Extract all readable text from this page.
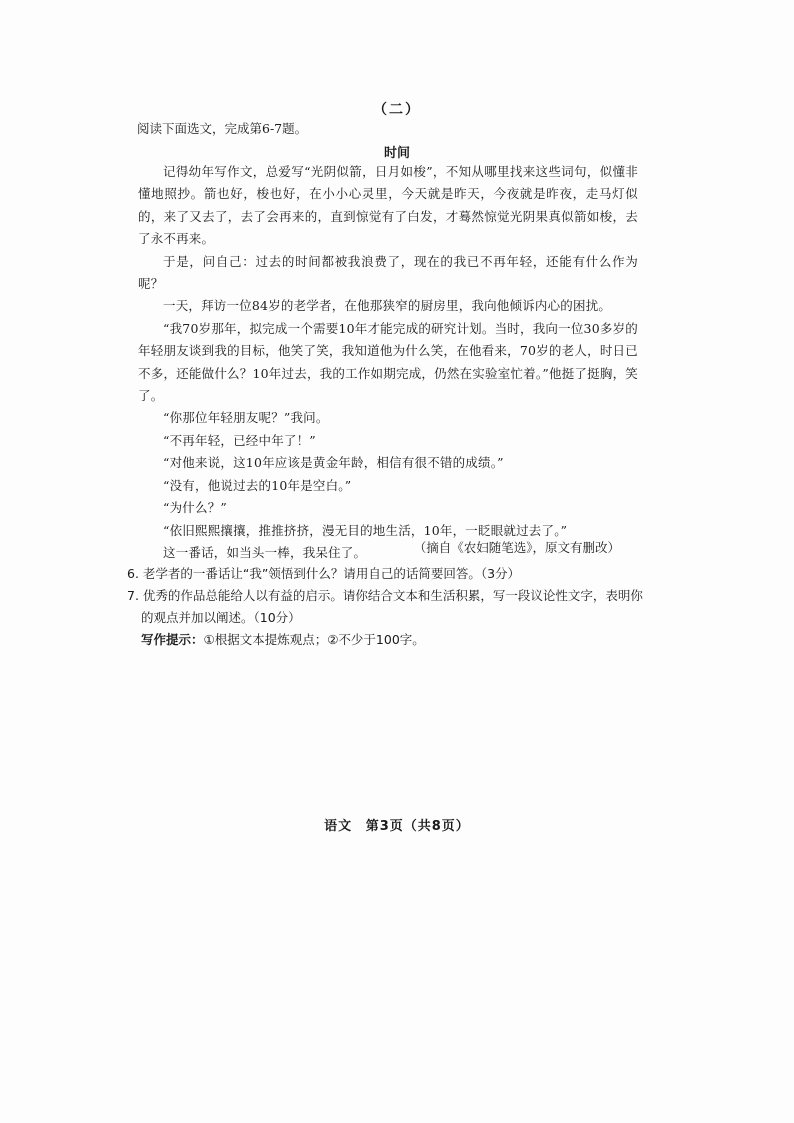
（二）
阅读下面选文，完成第6-7题。
时间

记得幼年写作文，总爱写“光阴似箭，日月如梭”，不知从哪里找来这些词句，似懂非懂地照抄。箭也好，梭也好，在小小心灵里，今天就是昨天，今夜就是昨夜，走马灯似的，来了又去了，去了会再来的，直到惊觉有了白发，才蓦然惊觉光阴果真似箭如梭，去了永不再来。

于是，问自己：过去的时间都被我浪费了，现在的我已不再年轻，还能有什么作为呢？

一天，拜访一位84岁的老学者，在他那狭窄的厨房里，我向他倾诉内心的困扰。

“我70岁那年，拟完成一个需要10年才能完成的研究计划。当时，我向一位30多岁的年轻朋友谈到我的目标，他笑了笑，我知道他为什么笑，在他看来，70岁的老人，时日已不多，还能做什么？10年过去，我的工作如期完成，仍然在实验室忙着。”他挺了挺胸，笑了。

“你那位年轻朋友呢？”我问。

“不再年轻，已经中年了！”

“对他来说，这10年应该是黄金年龄，相信有很不错的成绩。”

“没有，他说过去的10年是空白。”

“为什么？”

“依旧熙熙攘攘，推推挤挤，漫无目的地生活，10年，一眨眼就过去了。”

这一番话，如当头一棒，我呆住了。	（摘自《农妇随笔选》，原文有删改）

6. 老学者的一番话让“我”领悟到什么？请用自己的话简要回答。（3分）

7. 优秀的作品总能给人以有益的启示。请你结合文本和生活积累，写一段议论性文字，表明你的观点并加以阐述。（10分）

写作提示：①根据文本提炼观点；②不少于100字。

语文 第3页（共8页）
